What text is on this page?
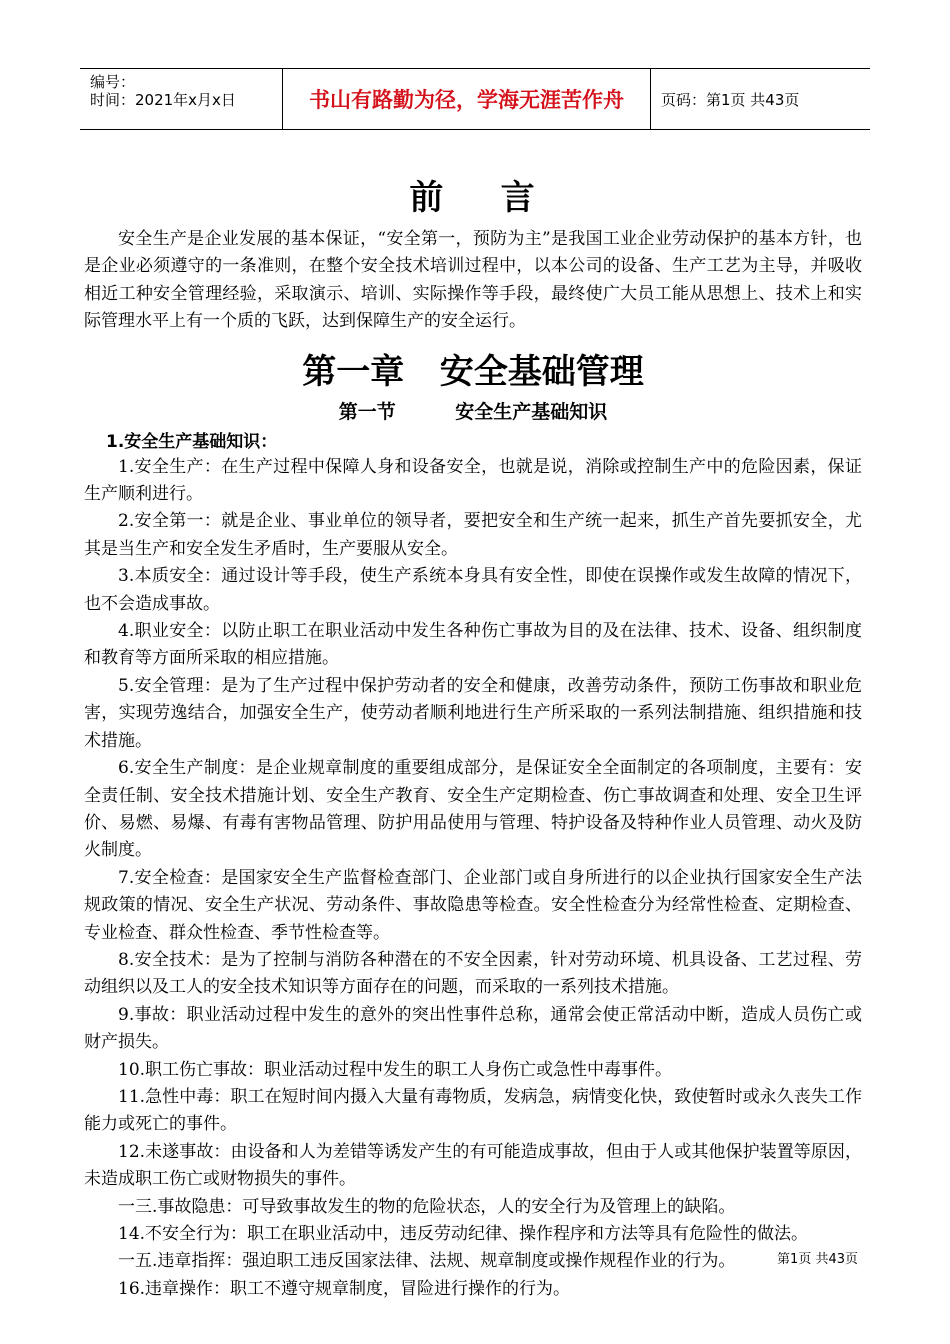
编号：
时间：2021年x月x日	书山有路勤为径，学海无涯苦作舟	页码：第1页 共43页
前    言

安全生产是企业发展的基本保证，“安全第一，预防为主”是我国工业企业劳动保护的基本方针，也是企业必须遵守的一条准则，在整个安全技术培训过程中，以本公司的设备、生产工艺为主导，并吸收相近工种安全管理经验，采取演示、培训、实际操作等手段，最终使广大员工能从思想上、技术上和实际管理水平上有一个质的飞跃，达到保障生产的安全运行。

第一章   安全基础管理
第一节         安全生产基础知识
1.安全生产基础知识：

1.安全生产：在生产过程中保障人身和设备安全，也就是说，消除或控制生产中的危险因素，保证生产顺利进行。

2.安全第一：就是企业、事业单位的领导者，要把安全和生产统一起来，抓生产首先要抓安全，尤其是当生产和安全发生矛盾时，生产要服从安全。

3.本质安全：通过设计等手段，使生产系统本身具有安全性，即使在误操作或发生故障的情况下，也不会造成事故。

4.职业安全：以防止职工在职业活动中发生各种伤亡事故为目的及在法律、技术、设备、组织制度和教育等方面所采取的相应措施。

5.安全管理：是为了生产过程中保护劳动者的安全和健康，改善劳动条件，预防工伤事故和职业危害，实现劳逸结合，加强安全生产，使劳动者顺利地进行生产所采取的一系列法制措施、组织措施和技术措施。

6.安全生产制度：是企业规章制度的重要组成部分，是保证安全全面制定的各项制度，主要有：安全责任制、安全技术措施计划、安全生产教育、安全生产定期检查、伤亡事故调查和处理、安全卫生评价、易燃、易爆、有毒有害物品管理、防护用品使用与管理、特护设备及特种作业人员管理、动火及防火制度。

7.安全检查：是国家安全生产监督检查部门、企业部门或自身所进行的以企业执行国家安全生产法规政策的情况、安全生产状况、劳动条件、事故隐患等检查。安全性检查分为经常性检查、定期检查、专业检查、群众性检查、季节性检查等。

8.安全技术：是为了控制与消防各种潜在的不安全因素，针对劳动环境、机具设备、工艺过程、劳动组织以及工人的安全技术知识等方面存在的问题，而采取的一系列技术措施。

9.事故：职业活动过程中发生的意外的突出性事件总称，通常会使正常活动中断，造成人员伤亡或财产损失。

10.职工伤亡事故：职业活动过程中发生的职工人身伤亡或急性中毒事件。

11.急性中毒：职工在短时间内摄入大量有毒物质，发病急，病情变化快，致使暂时或永久丧失工作能力或死亡的事件。

12.未遂事故：由设备和人为差错等诱发产生的有可能造成事故，但由于人或其他保护装置等原因，未造成职工伤亡或财物损失的事件。

一三.事故隐患：可导致事故发生的物的危险状态，人的安全行为及管理上的缺陷。

14.不安全行为：职工在职业活动中，违反劳动纪律、操作程序和方法等具有危险性的做法。

一五.违章指挥：强迫职工违反国家法律、法规、规章制度或操作规程作业的行为。

16.违章操作：职工不遵守规章制度，冒险进行操作的行为。

第1页 共43页
